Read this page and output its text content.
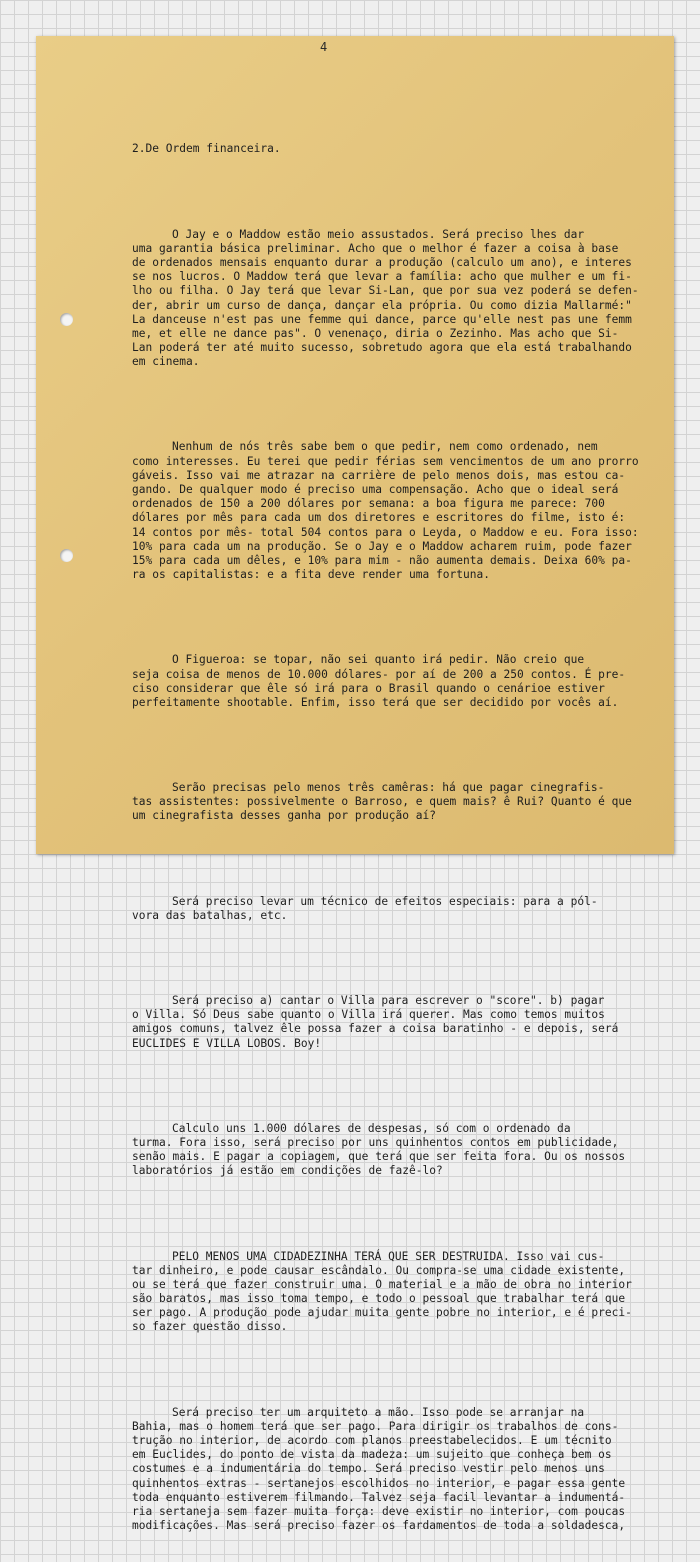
4

2.De Ordem financeira.

O Jay e o Maddow estão meio assustados. Será preciso lhes dar
uma garantia básica preliminar. Acho que o melhor é fazer a coisa à base
de ordenados mensais enquanto durar a produção (calculo um ano), e interes
se nos lucros. O Maddow terá que levar a família: acho que mulher e um fi-
lho ou filha. O Jay terá que levar Si-Lan, que por sua vez poderá se defen-
der, abrir um curso de dança, dançar ela própria. Ou como dizia Mallarmé:"
La danceuse n'est pas une femme qui dance, parce qu'elle nest pas une femm
me, et elle ne dance pas". O venenaço, diria o Zezinho. Mas acho que Si-
Lan poderá ter até muito sucesso, sobretudo agora que ela está trabalhando
em cinema.

Nenhum de nós três sabe bem o que pedir, nem como ordenado, nem
como interesses. Eu terei que pedir férias sem vencimentos de um ano prorro
gáveis. Isso vai me atrazar na carrière de pelo menos dois, mas estou ca-
gando. De qualquer modo é preciso uma compensação. Acho que o ideal será
ordenados de 150 a 200 dólares por semana: a boa figura me parece: 700
dólares por mês para cada um dos diretores e escritores do filme, isto é:
14 contos por mês- total 504 contos para o Leyda, o Maddow e eu. Fora isso:
10% para cada um na produção. Se o Jay e o Maddow acharem ruim, pode fazer
15% para cada um dêles, e 10% para mim - não aumenta demais. Deixa 60% pa-
ra os capitalistas: e a fita deve render uma fortuna.

O Figueroa: se topar, não sei quanto irá pedir. Não creio que
seja coisa de menos de 10.000 dólares- por aí de 200 a 250 contos. É pre-
ciso considerar que êle só irá para o Brasil quando o cenárioe estiver
perfeitamente shootable. Enfim, isso terá que ser decidido por vocês aí.

Serão precisas pelo menos três camêras: há que pagar cinegrafis-
tas assistentes: possivelmente o Barroso, e quem mais? ê Rui? Quanto é que
um cinegrafista desses ganha por produção aí?

Será preciso levar um técnico de efeitos especiais: para a pól-
vora das batalhas, etc.

Será preciso a) cantar o Villa para escrever o "score". b) pagar
o Villa. Só Deus sabe quanto o Villa irá querer. Mas como temos muitos
amigos comuns, talvez êle possa fazer a coisa baratinho - e depois, será
EUCLIDES E VILLA LOBOS. Boy!

Calculo uns 1.000 dólares de despesas, só com o ordenado da
turma. Fora isso, será preciso por uns quinhentos contos em publicidade,
senão mais. E pagar a copiagem, que terá que ser feita fora. Ou os nossos
laboratórios já estão em condições de fazê-lo?

PELO MENOS UMA CIDADEZINHA TERÁ QUE SER DESTRUIDA. Isso vai cus-
tar dinheiro, e pode causar escândalo. Ou compra-se uma cidade existente,
ou se terá que fazer construir uma. O material e a mão de obra no interior
são baratos, mas isso toma tempo, e todo o pessoal que trabalhar terá que
ser pago. A produção pode ajudar muita gente pobre no interior, e é preci-
so fazer questão disso.

Será preciso ter um arquiteto a mão. Isso pode se arranjar na
Bahia, mas o homem terá que ser pago. Para dirigir os trabalhos de cons-
trução no interior, de acordo com planos preestabelecidos. E um técnito
em Euclides, do ponto de vista da madeza: um sujeito que conheça bem os
costumes e a indumentária do tempo. Será preciso vestir pelo menos uns
quinhentos extras - sertanejos escolhidos no interior, e pagar essa gente
toda enquanto estiverem filmando. Talvez seja facil levantar a indumentá-
ria sertaneja sem fazer muita força: deve existir no interior, com poucas
modificações. Mas será preciso fazer os fardamentos de toda a soldadesca,
